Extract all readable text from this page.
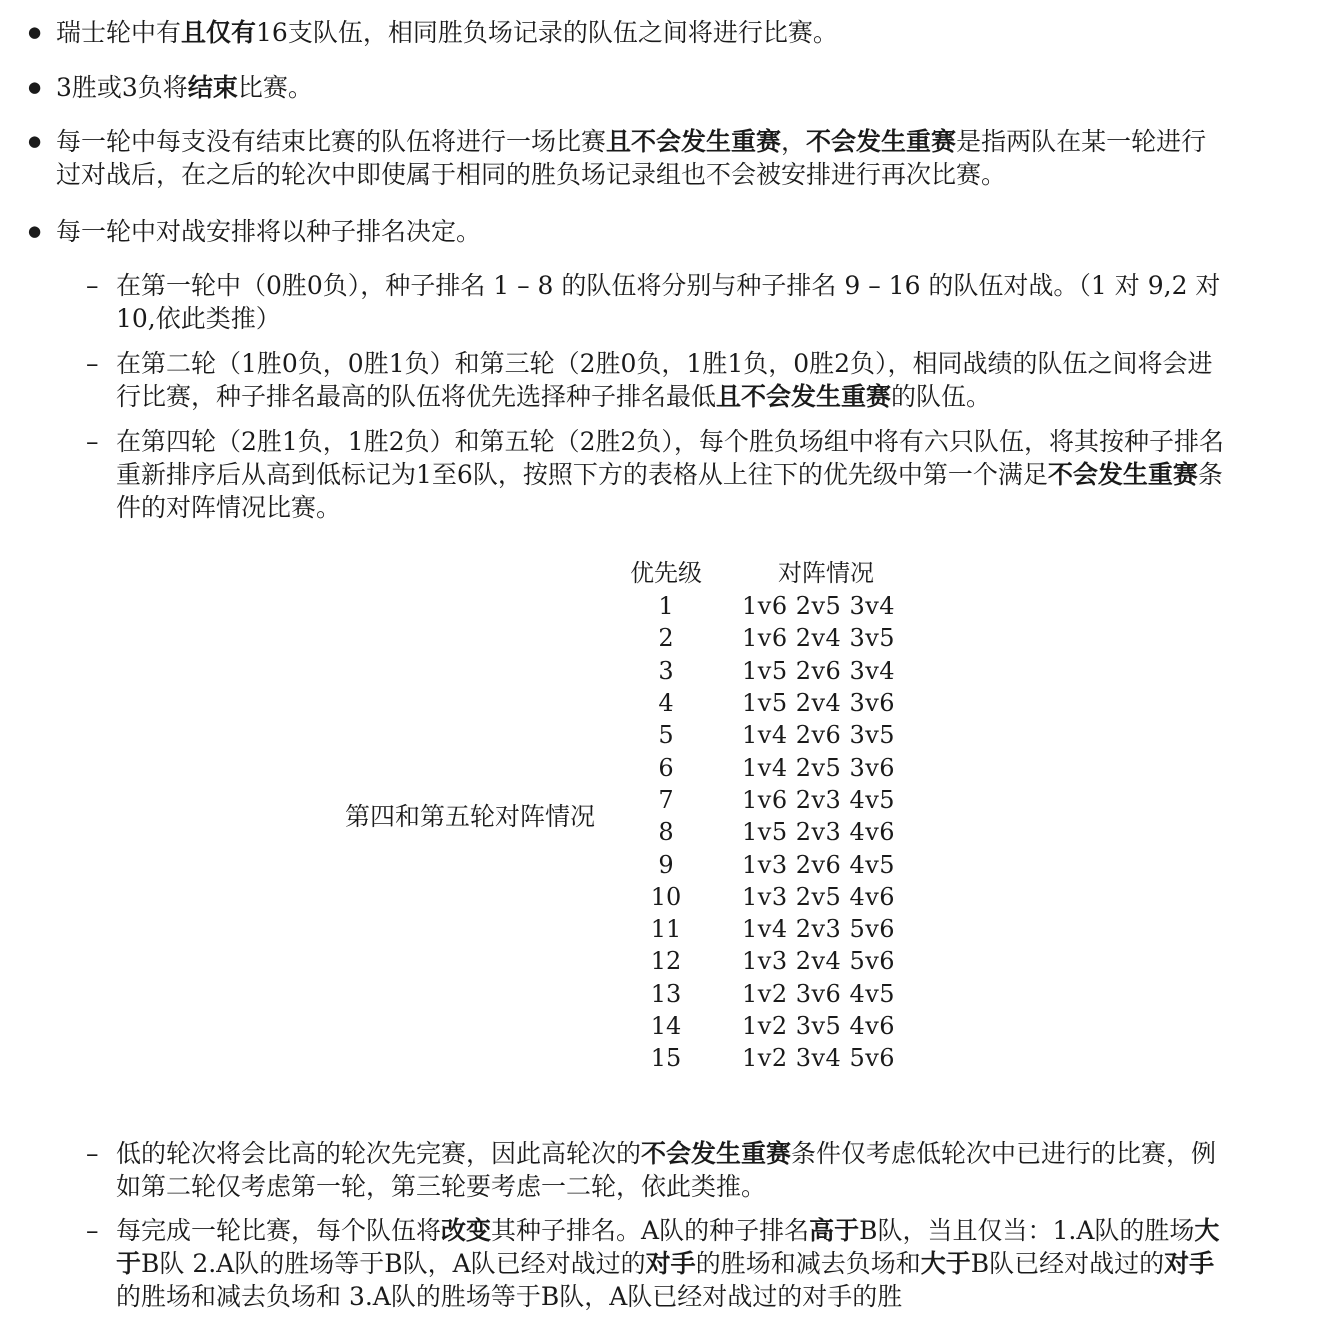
● 瑞士轮中有且仅有16支队伍，相同胜负场记录的队伍之间将进行比赛。
● 3胜或3负将结束比赛。
● 每一轮中每支没有结束比赛的队伍将进行一场比赛且不会发生重赛，不会发生重赛是指两队在某一轮进行过对战后，在之后的轮次中即使属于相同的胜负场记录组也不会被安排进行再次比赛。
● 每一轮中对战安排将以种子排名决定。
– 在第一轮中（0胜0负），种子排名 1 – 8 的队伍将分别与种子排名 9 – 16 的队伍对战。（1 对 9,2 对 10,依此类推）
– 在第二轮（1胜0负，0胜1负）和第三轮（2胜0负，1胜1负，0胜2负），相同战绩的队伍之间将会进行比赛，种子排名最高的队伍将优先选择种子排名最低且不会发生重赛的队伍。
– 在第四轮（2胜1负，1胜2负）和第五轮（2胜2负），每个胜负场组中将有六只队伍，将其按种子排名重新排序后从高到低标记为1至6队，按照下方的表格从上往下的优先级中第一个满足不会发生重赛条件的对阵情况比赛。
第四和第五轮对阵情况
优先级	对阵情况
1	1v6 2v5 3v4
2	1v6 2v4 3v5
3	1v5 2v6 3v4
4	1v5 2v4 3v6
5	1v4 2v6 3v5
6	1v4 2v5 3v6
7	1v6 2v3 4v5
8	1v5 2v3 4v6
9	1v3 2v6 4v5
10	1v3 2v5 4v6
11	1v4 2v3 5v6
12	1v3 2v4 5v6
13	1v2 3v6 4v5
14	1v2 3v5 4v6
15	1v2 3v4 5v6
– 低的轮次将会比高的轮次先完赛，因此高轮次的不会发生重赛条件仅考虑低轮次中已进行的比赛，例如第二轮仅考虑第一轮，第三轮要考虑一二轮，依此类推。
– 每完成一轮比赛，每个队伍将改变其种子排名。A队的种子排名高于B队，当且仅当：1.A队的胜场大于B队 2.A队的胜场等于B队，A队已经对战过的对手的胜场和减去负场和大于B队已经对战过的对手的胜场和减去负场和 3.A队的胜场等于B队，A队已经对战过的对手的胜
